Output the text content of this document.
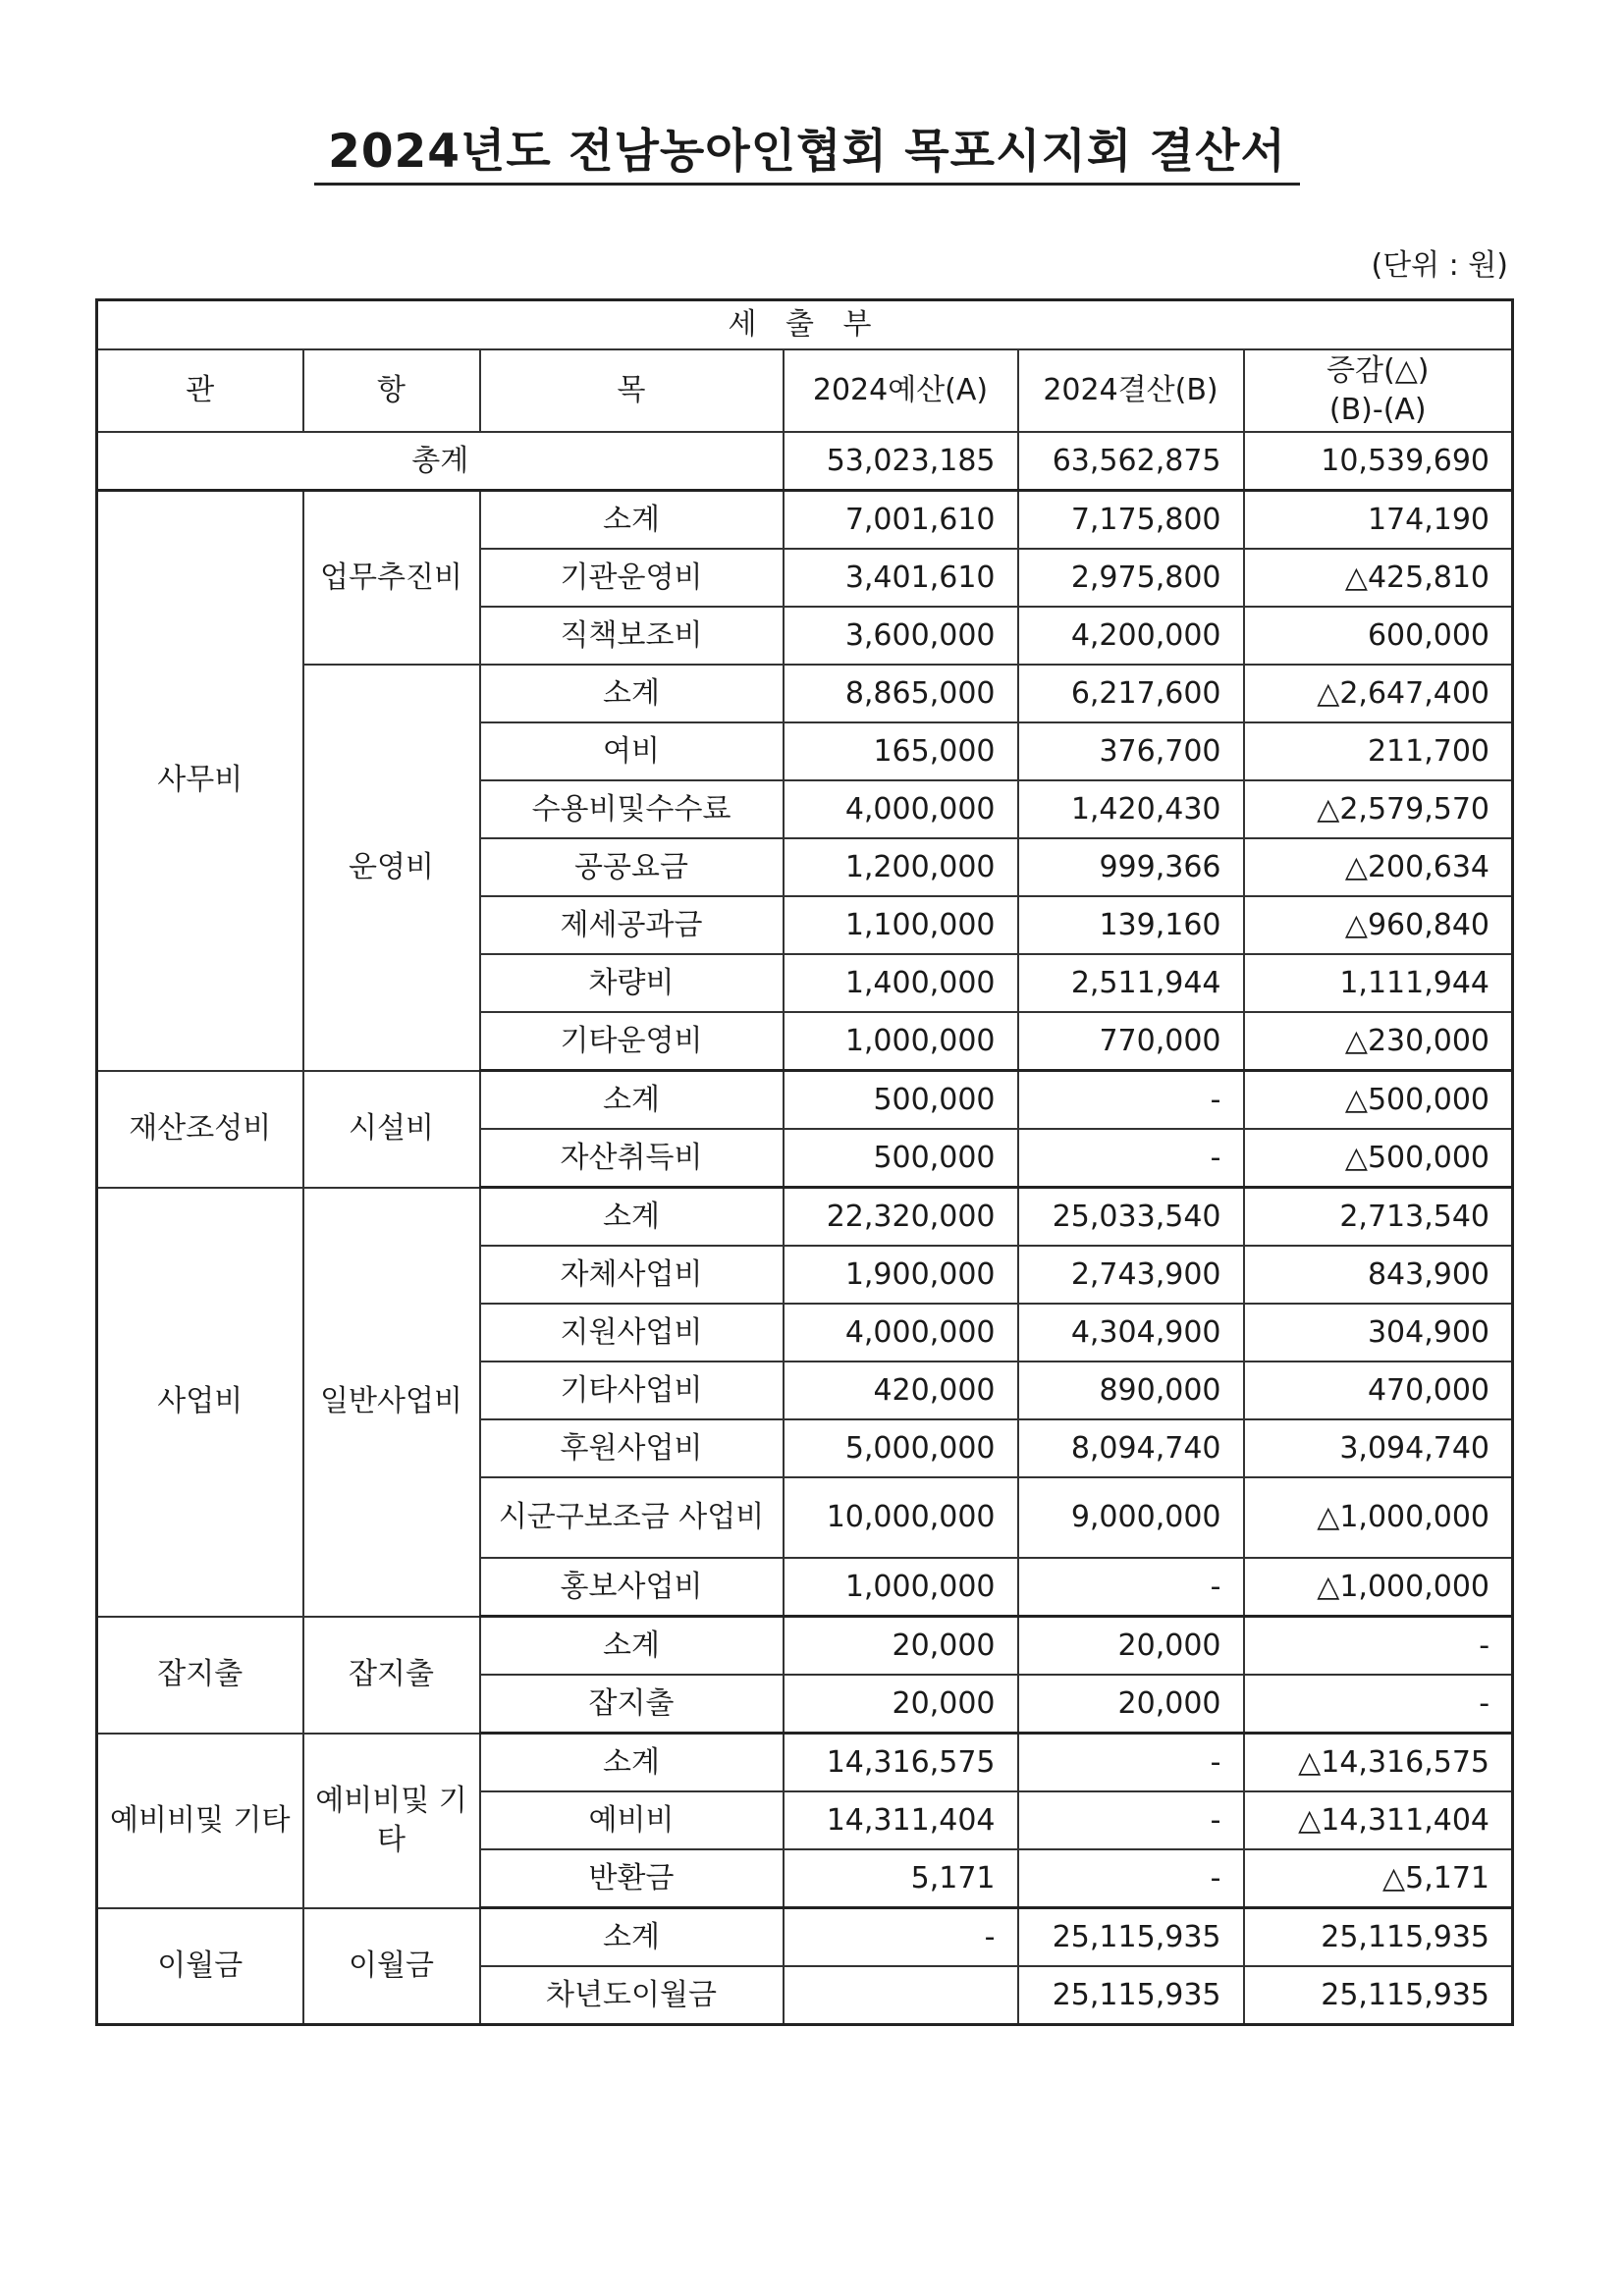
2024년도 전남농아인협회 목포시지회 결산서
(단위 : 원)
세 출 부					
관	항	목	2024예산(A)	2024결산(B)	증감(△)
(B)-(A)
총계			53,023,185	63,562,875	10,539,690
사무비	업무추진비	소계	7,001,610	7,175,800	174,190
		기관운영비	3,401,610	2,975,800	△425,810
		직책보조비	3,600,000	4,200,000	600,000
	운영비	소계	8,865,000	6,217,600	△2,647,400
		여비	165,000	376,700	211,700
		수용비및수수료	4,000,000	1,420,430	△2,579,570
		공공요금	1,200,000	999,366	△200,634
		제세공과금	1,100,000	139,160	△960,840
		차량비	1,400,000	2,511,944	1,111,944
		기타운영비	1,000,000	770,000	△230,000
재산조성비	시설비	소계	500,000	-	△500,000
		자산취득비	500,000	-	△500,000
사업비	일반사업비	소계	22,320,000	25,033,540	2,713,540
		자체사업비	1,900,000	2,743,900	843,900
		지원사업비	4,000,000	4,304,900	304,900
		기타사업비	420,000	890,000	470,000
		후원사업비	5,000,000	8,094,740	3,094,740
		시군구보조금 사업비	10,000,000	9,000,000	△1,000,000
		홍보사업비	1,000,000	-	△1,000,000
잡지출	잡지출	소계	20,000	20,000	-
		잡지출	20,000	20,000	-
예비비및 기타	예비비및 기타	소계	14,316,575	-	△14,316,575
		예비비	14,311,404	-	△14,311,404
		반환금	5,171	-	△5,171
이월금	이월금	소계	-	25,115,935	25,115,935
		차년도이월금		25,115,935	25,115,935
